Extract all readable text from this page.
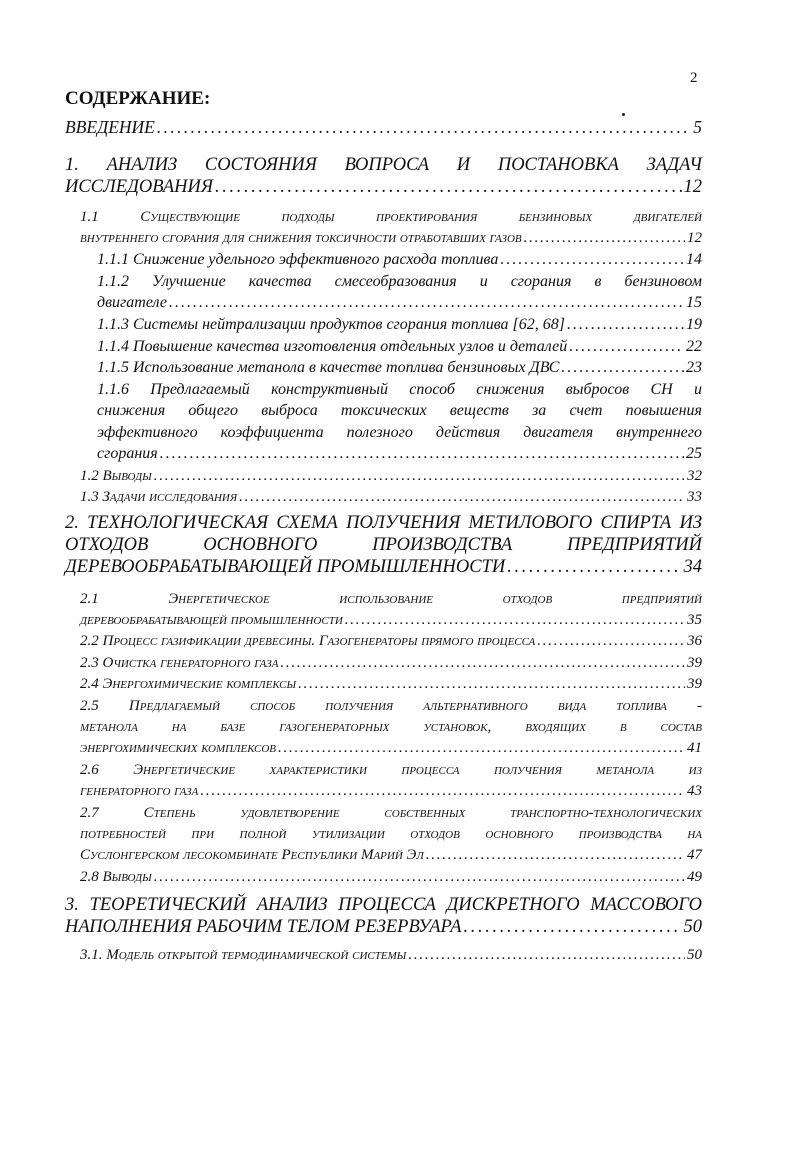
2
СОДЕРЖАНИЕ:
ВВЕДЕНИЕ . . .	5
1. АНАЛИЗ СОСТОЯНИЯ ВОПРОСА И ПОСТАНОВКА ЗАДАЧ
ИССЛЕДОВАНИЯ . . .	12
1.1 Существующие подходы проектирования бензиновых двигателей
внутреннего сгорания для снижения токсичности отработавших газов . . .	12
1.1.1 Снижение удельного эффективного расхода топлива . . .	14
1.1.2 Улучшение качества смесеобразования и сгорания в бензиновом
двигателе . . .	15
1.1.3 Системы нейтрализации продуктов сгорания топлива [62, 68] . . .	19
1.1.4 Повышение качества изготовления отдельных узлов и деталей . . .	22
1.1.5 Использование метанола в качестве топлива бензиновых ДВС . . .	23
1.1.6 Предлагаемый конструктивный способ снижения выбросов СН и
снижения общего выброса токсических веществ за счет повышения
эффективного коэффициента полезного действия двигателя внутреннего
сгорания . . .	25
1.2 Выводы . . .	32
1.3 Задачи исследования . . .	33
2. ТЕХНОЛОГИЧЕСКАЯ СХЕМА ПОЛУЧЕНИЯ МЕТИЛОВОГО СПИРТА ИЗ
ОТХОДОВ ОСНОВНОГО ПРОИЗВОДСТВА ПРЕДПРИЯТИЙ
ДЕРЕВООБРАБАТЫВАЮЩЕЙ ПРОМЫШЛЕННОСТИ . . .	34
2.1 Энергетическое использование отходов предприятий
деревообрабатывающей промышленности . . .	35
2.2 Процесс газификации древесины. Газогенераторы прямого процесса . . .	36
2.3 Очистка генераторного газа . . .	39
2.4 Энергохимические комплексы . . .	39
2.5 Предлагаемый способ получения альтернативного вида топлива -
метанола на базе газогенераторных установок, входящих в состав
энергохимических комплексов . . .	41
2.6 Энергетические характеристики процесса получения метанола из
генераторного газа . . .	43
2.7 Степень удовлетворение собственных транспортно-технологических
потребностей при полной утилизации отходов основного производства на
Суслонгерском лесокомбинате Республики Марий Эл . . .	47
2.8 Выводы . . .	49
3. ТЕОРЕТИЧЕСКИЙ АНАЛИЗ ПРОЦЕССА ДИСКРЕТНОГО МАССОВОГО
НАПОЛНЕНИЯ РАБОЧИМ ТЕЛОМ РЕЗЕРВУАРА . . .	50
3.1. Модель открытой термодинамической системы . . .	50
